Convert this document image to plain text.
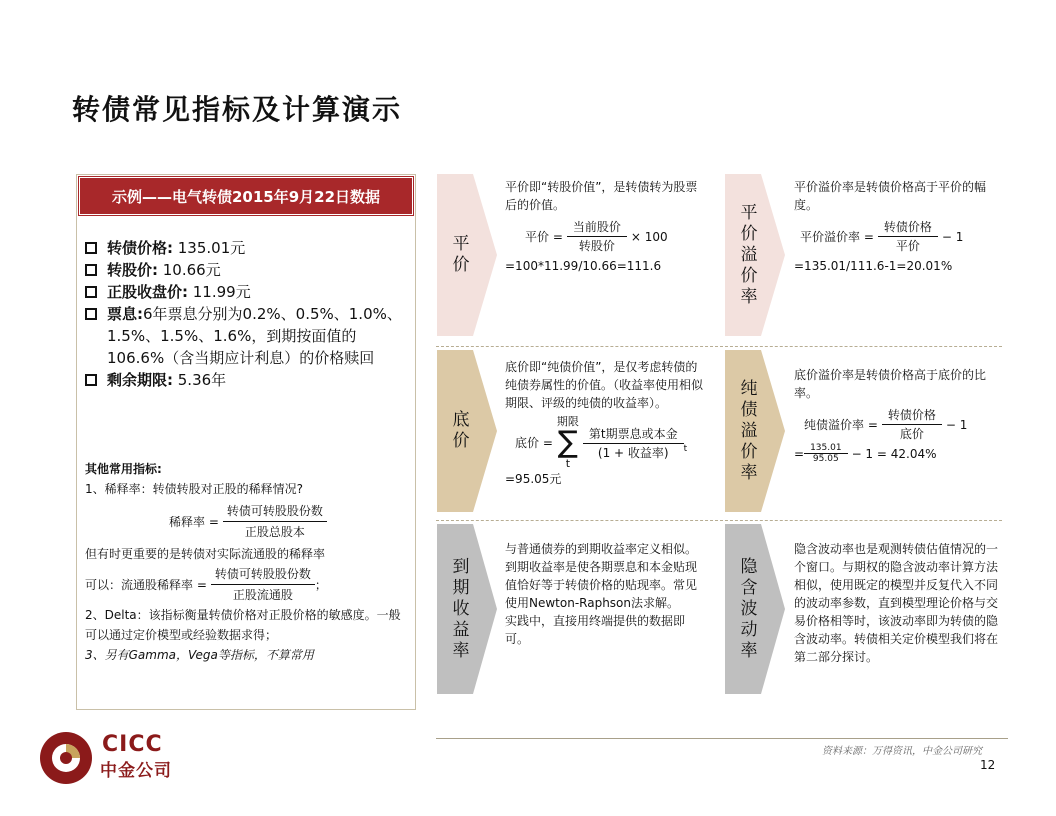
转债常见指标及计算演示
示例——电气转债2015年9月22日数据
转债价格: 135.01元
转股价: 10.66元
正股收盘价: 11.99元
票息:6年票息分别为0.2%、0.5%、1.0%、1.5%、1.5%、1.6%，到期按面值的106.6%（含当期应计利息）的价格赎回
剩余期限: 5.36年
其他常用指标:
1、稀释率：转债转股对正股的稀释情况?
稀释率 = $\frac{\text{转债可转股股份数}}{\text{正股总股本}}$
但有时更重要的是转债对实际流通股的稀释率
可以：流通股稀释率 = $\frac{\text{转债可转股股份数}}{\text{正股流通股}}$ ；
2、Delta：该指标衡量转债价格对正股价格的敏感度。一般可以通过定价模型或经验数据求得；
3、另有Gamma，Vega等指标，不算常用
平价	平价溢价率
底价	纯债溢价率
到期收益率	隐含波动率
平价即“转股价值”，是转债转为股票后的价值。
平价 = $\frac{\text{当前股价}}{\text{转股价}} \times 100$
=100*11.99/10.66=111.6
平价溢价率是转债价格高于平价的幅度。
平价溢价率 = $\frac{\text{转债价格}}{\text{平价}} - 1$
=135.01/111.6-1=20.01%
底价即“纯债价值”，是仅考虑转债的纯债券属性的价值。（收益率使用相似期限、评级的纯债的收益率）。
底价 =
期限
∑
t
$\frac{\text{第t期票息或本金}}{\text{(1 + 收益率)}}_t$
=95.05元
底价溢价率是转债价格高于底价的比率。
纯债溢价率 = $\frac{\text{转债价格}}{\text{底价}} - 1$
= $\frac{135.01}{95.05} - 1 = 42.04\%$
与普通债券的到期收益率定义相似。到期收益率是使各期票息和本金贴现值恰好等于转债价格的贴现率。常见使用Newton-Raphson法求解。
实践中，直接用终端提供的数据即可。
隐含波动率也是观测转债估值情况的一个窗口。与期权的隐含波动率计算方法相似，使用既定的模型并反复代入不同的波动率参数，直到模型理论价格与交易价格相等时，该波动率即为转债的隐含波动率。转债相关定价模型我们将在第二部分探讨。
资料来源：万得资讯，中金公司研究
12
CICC
中金公司
